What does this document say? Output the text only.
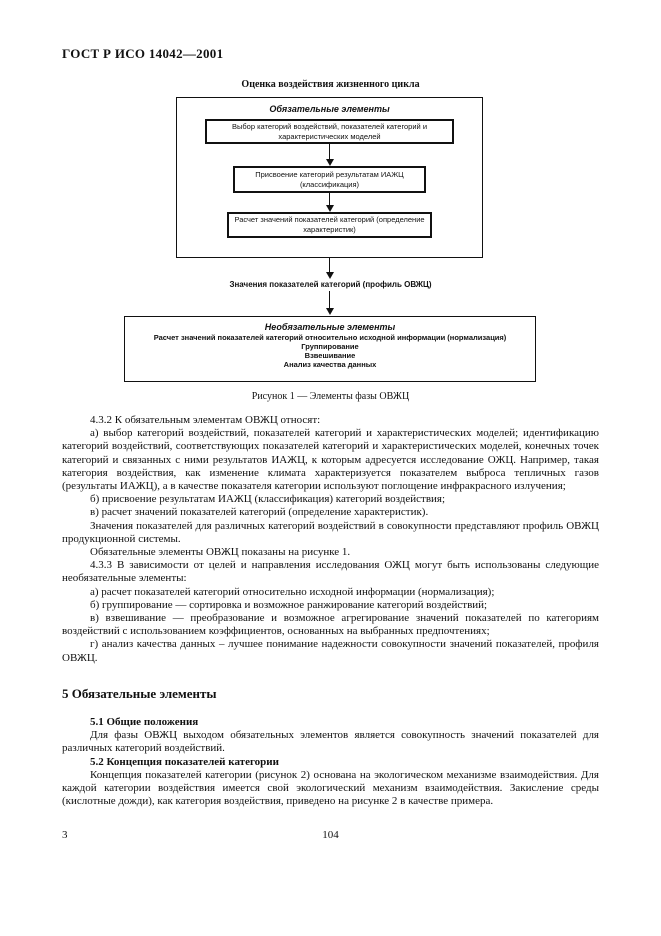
ГОСТ Р ИСО 14042—2001
Оценка воздействия жизненного цикла
Обязательные элементы
Выбор категорий воздействий, показателей категорий и характеристических моделей
Присвоение категорий результатам ИАЖЦ (классификация)
Расчет значений показателей категорий (определение характеристик)
Значения показателей категорий (профиль ОВЖЦ)
Необязательные элементы
Расчет значений показателей категорий относительно исходной информации (нормализация)
Группирование
Взвешивание
Анализ качества данных
Рисунок 1 — Элементы фазы ОВЖЦ

4.3.2 К обязательным элементам ОВЖЦ относят:

а) выбор категорий воздействий, показателей категорий и характеристических моделей; идентификацию категорий воздействий, соответствующих показателей категорий и характеристических моделей, конечных точек категорий и связанных с ними результатов ИАЖЦ, к которым адресуется исследование ОЖЦ. Например, такая категория воздействия, как изменение климата характеризуется показателем выброса тепличных газов (результаты ИАЖЦ), а в качестве показателя категории используют поглощение инфракрасного излучения;

б) присвоение результатам ИАЖЦ (классификация) категорий воздействия;

в) расчет значений показателей категорий (определение характеристик).

Значения показателей для различных категорий воздействий в совокупности представляют профиль ОВЖЦ продукционной системы.

Обязательные элементы ОВЖЦ показаны на рисунке 1.

4.3.3 В зависимости от целей и направления исследования ОЖЦ могут быть использованы следующие необязательные элементы:

а) расчет показателей категорий относительно исходной информации (нормализация);

б) группирование — сортировка и возможное ранжирование категорий воздействий;

в) взвешивание — преобразование и возможное агрегирование значений показателей по категориям воздействий с использованием коэффициентов, основанных на выбранных предпочтениях;

г) анализ качества данных – лучшее понимание надежности совокупности значений показателей, профиля ОВЖЦ.

5 Обязательные элементы
5.1 Общие положения

Для фазы ОВЖЦ выходом обязательных элементов является совокупность значений показателей для различных категорий воздействий.

5.2 Концепция показателей категории

Концепция показателей категории (рисунок 2) основана на экологическом механизме взаимодействия. Для каждой категории воздействия имеется свой экологический механизм взаимодействия. Закисление среды (кислотные дожди), как категория воздействия, приведено на рисунке 2 в качестве примера.

3	104
